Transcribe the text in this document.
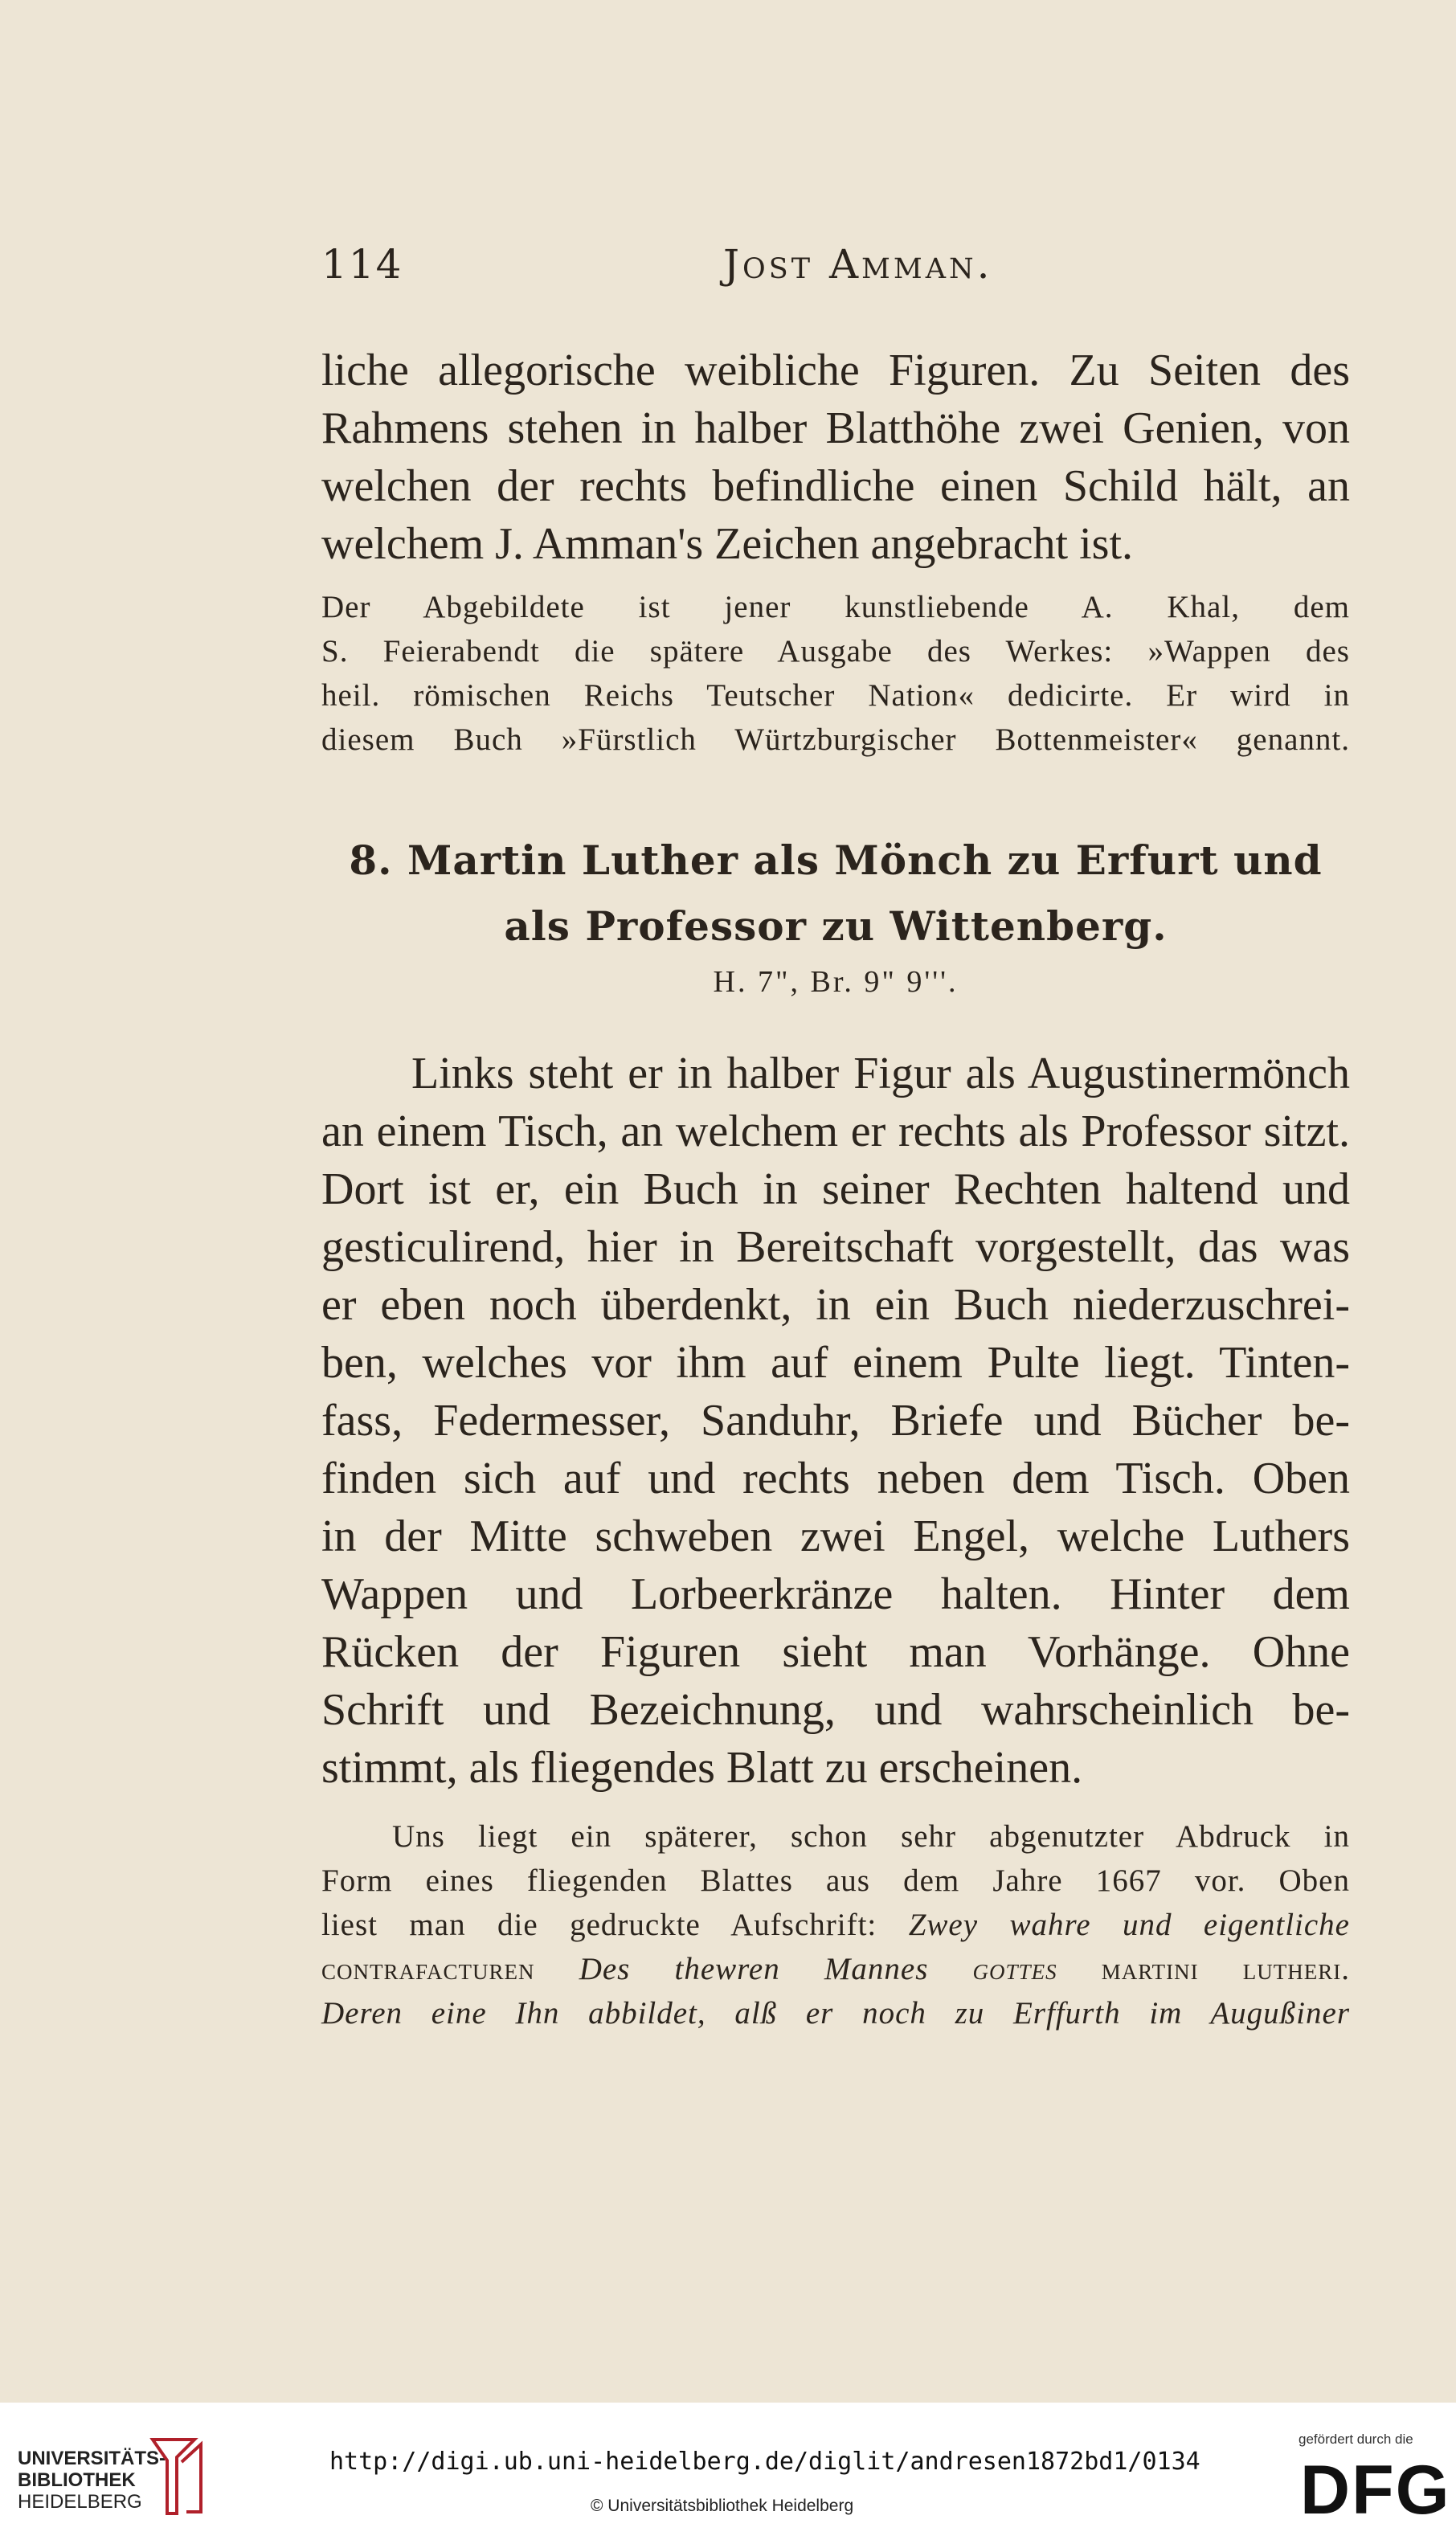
114	Jost Amman.

liche allegorische weibliche Figuren. Zu Seiten des
Rahmens stehen in halber Blatthöhe zwei Genien, von
welchen der rechts befindliche einen Schild hält, an
welchem J. Amman's Zeichen angebracht ist.

Der Abgebildete ist jener kunstliebende A. Khal, dem
S. Feierabendt die spätere Ausgabe des Werkes: »Wappen des
heil. römischen Reichs Teutscher Nation« dedicirte. Er wird in
diesem Buch »Fürstlich Würtzburgischer Bottenmeister« genannt.

8. Martin Luther als Mönch zu Erfurt und
als Professor zu Wittenberg.
H. 7", Br. 9" 9'''.

Links steht er in halber Figur als Augustinermönch
an einem Tisch, an welchem er rechts als Professor sitzt.
Dort ist er, ein Buch in seiner Rechten haltend und
gesticulirend, hier in Bereitschaft vorgestellt, das was
er eben noch überdenkt, in ein Buch niederzuschrei-
ben, welches vor ihm auf einem Pulte liegt. Tinten-
fass, Federmesser, Sanduhr, Briefe und Bücher be-
finden sich auf und rechts neben dem Tisch. Oben
in der Mitte schweben zwei Engel, welche Luthers
Wappen und Lorbeerkränze halten. Hinter dem
Rücken der Figuren sieht man Vorhänge. Ohne
Schrift und Bezeichnung, und wahrscheinlich be-
stimmt, als fliegendes Blatt zu erscheinen.

Uns liegt ein späterer, schon sehr abgenutzter Abdruck in
Form eines fliegenden Blattes aus dem Jahre 1667 vor. Oben
liest man die gedruckte Aufschrift: Zwey wahre und eigentliche
contrafacturen Des thewren Mannes gottes martini lutheri.
Deren eine Ihn abbildet, alß er noch zu Erffurth im Augußiner

UNIVERSITÄTS-
BIBLIOTHEK
HEIDELBERG
http://digi.ub.uni-heidelberg.de/diglit/andresen1872bd1/0134
© Universitätsbibliothek Heidelberg
gefördert durch die
DFG
